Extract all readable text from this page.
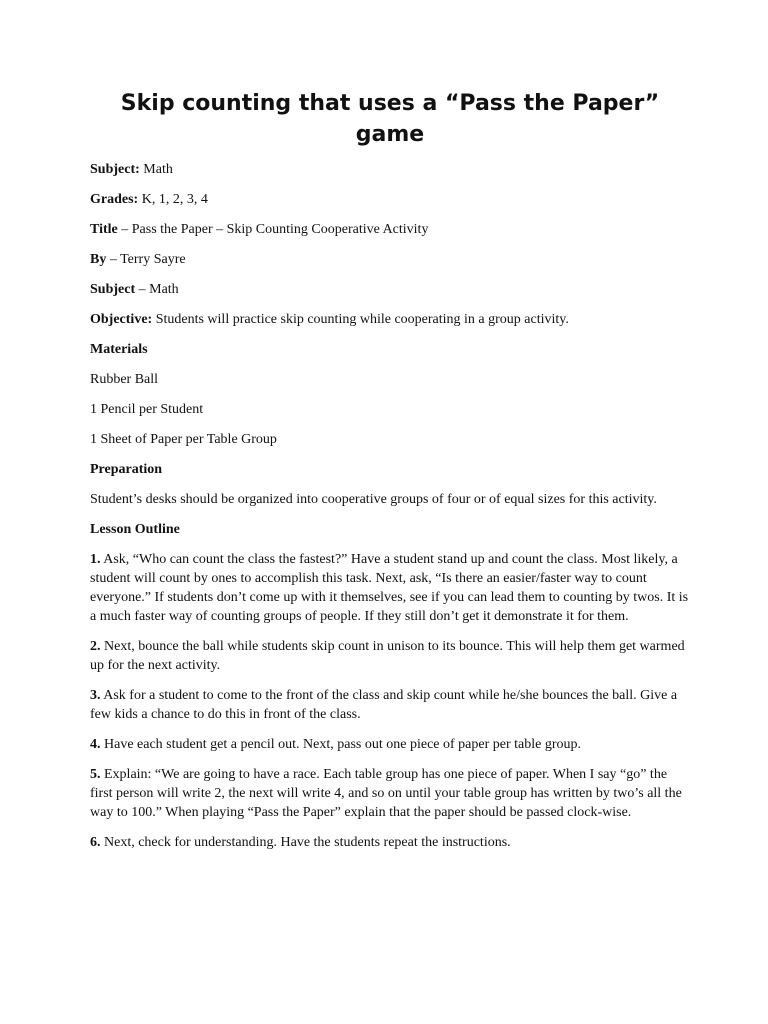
Skip counting that uses a “Pass the Paper” game

Subject: Math

Grades: K, 1, 2, 3, 4

Title – Pass the Paper – Skip Counting Cooperative Activity

By – Terry Sayre

Subject – Math

Objective: Students will practice skip counting while cooperating in a group activity.

Materials

Rubber Ball

1 Pencil per Student

1 Sheet of Paper per Table Group

Preparation

Student’s desks should be organized into cooperative groups of four or of equal sizes for this activity.

Lesson Outline

1. Ask, “Who can count the class the fastest?” Have a student stand up and count the class. Most likely, a student will count by ones to accomplish this task. Next, ask, “Is there an easier/faster way to count everyone.” If students don’t come up with it themselves, see if you can lead them to counting by twos. It is a much faster way of counting groups of people. If they still don’t get it demonstrate it for them.

2. Next, bounce the ball while students skip count in unison to its bounce. This will help them get warmed up for the next activity.

3. Ask for a student to come to the front of the class and skip count while he/she bounces the ball. Give a few kids a chance to do this in front of the class.

4. Have each student get a pencil out. Next, pass out one piece of paper per table group.

5. Explain: “We are going to have a race. Each table group has one piece of paper. When I say “go” the first person will write 2, the next will write 4, and so on until your table group has written by two’s all the way to 100.” When playing “Pass the Paper” explain that the paper should be passed clock-wise.

6. Next, check for understanding. Have the students repeat the instructions.
